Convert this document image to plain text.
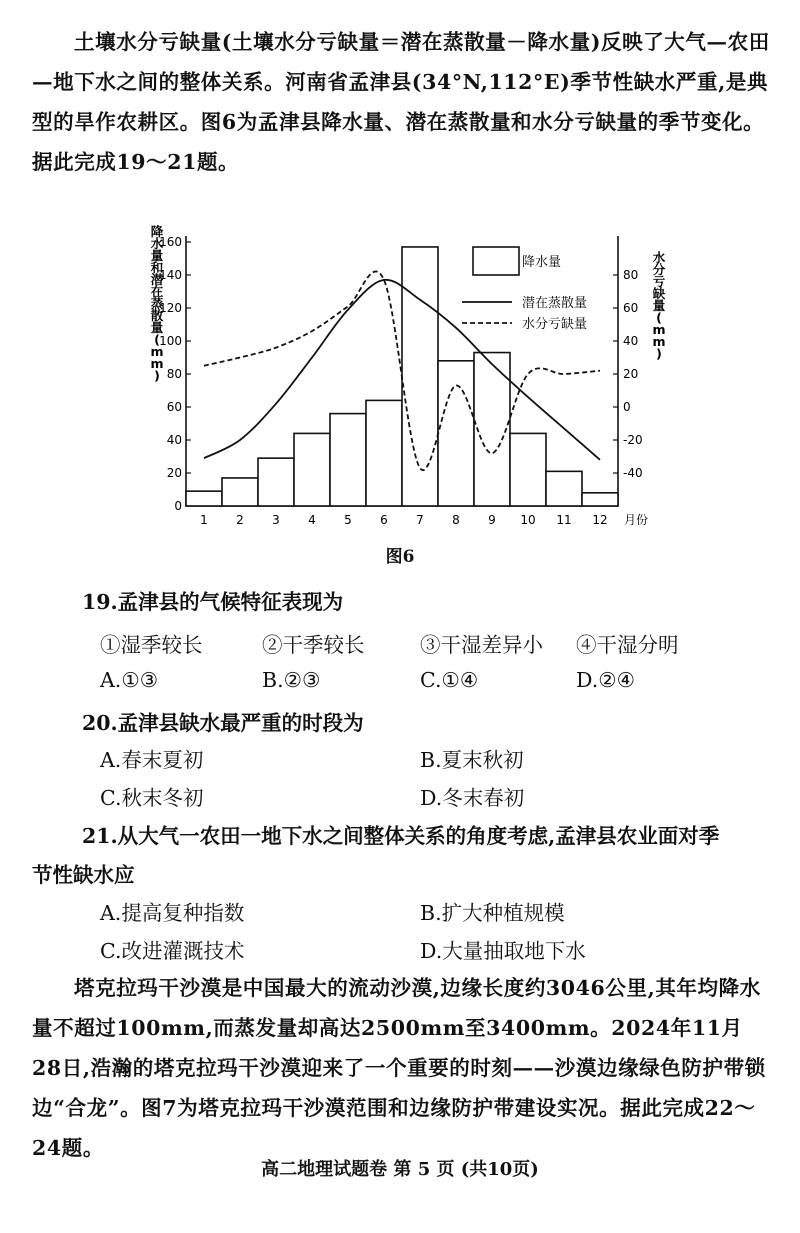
土壤水分亏缺量(土壤水分亏缺量＝潜在蒸散量－降水量)反映了大气—农田—地下水之间的整体关系。河南省孟津县(34°N,112°E)季节性缺水严重,是典型的旱作农耕区。图6为孟津县降水量、潜在蒸散量和水分亏缺量的季节变化。据此完成19～21题。

0
20
40
60
80
100
120
140
160
-40
-20
0
20
40
60
80
1 2 3 4 5 6 7 8 9 10 11 12 月份
降水量和潜在蒸散量( m m )
水分亏缺量( m m )
降水量
潜在蒸散量
水分亏缺量
图6

19.孟津县的气候特征表现为

①湿季较长	②干季较长	③干湿差异小 ④干湿分明

A.①③	B.②③	C.①④	D.②④

20.孟津县缺水最严重的时段为

A.春末夏初	B.夏末秋初

C.秋末冬初	D.冬末春初

21.从大气一农田一地下水之间整体关系的角度考虑,孟津县农业面对季

节性缺水应

A.提高复种指数	B.扩大种植规模

C.改进灌溉技术	D.大量抽取地下水

塔克拉玛干沙漠是中国最大的流动沙漠,边缘长度约3046公里,其年均降水量不超过100mm,而蒸发量却高达2500mm至3400mm。2024年11月28日,浩瀚的塔克拉玛干沙漠迎来了一个重要的时刻——沙漠边缘绿色防护带锁边“合龙”。图7为塔克拉玛干沙漠范围和边缘防护带建设实况。据此完成22～24题。

高二地理试题卷 第 5 页 (共10页)
